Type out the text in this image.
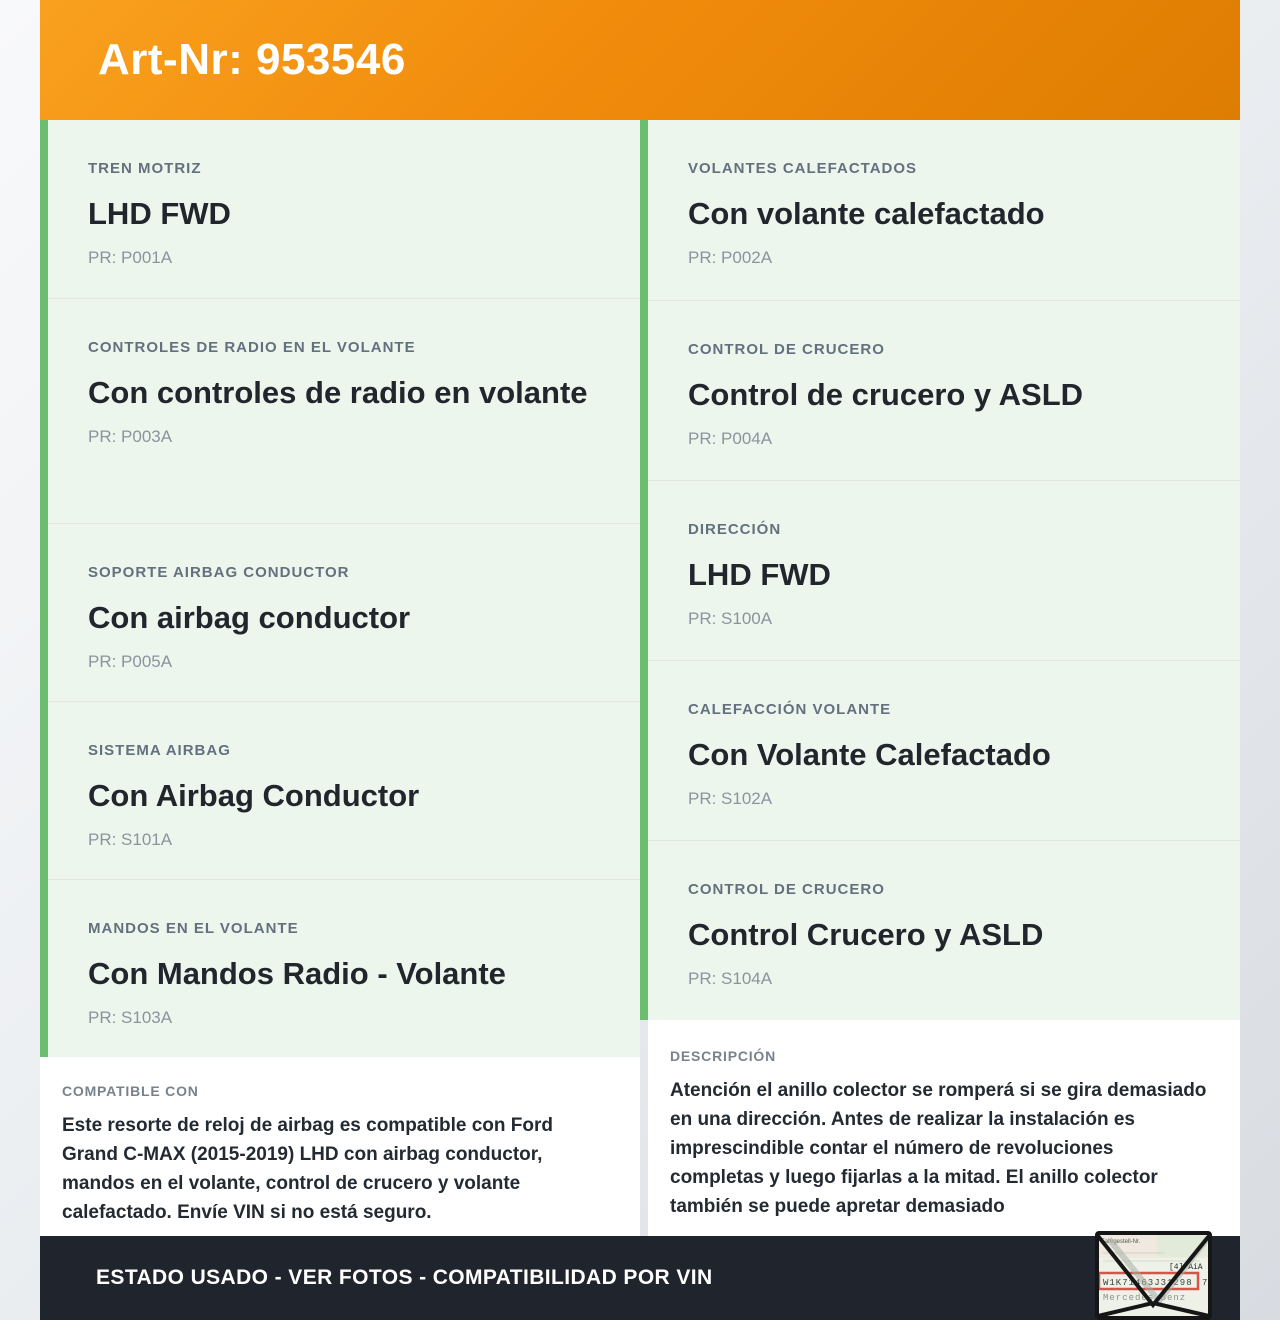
Art-Nr: 953546
TREN MOTRIZ
LHD FWD
PR: P001A
CONTROLES DE RADIO EN EL VOLANTE
Con controles de radio en volante
PR: P003A
SOPORTE AIRBAG CONDUCTOR
Con airbag conductor
PR: P005A
SISTEMA AIRBAG
Con Airbag Conductor
PR: S101A
MANDOS EN EL VOLANTE
Con Mandos Radio - Volante
PR: S103A
COMPATIBLE CON
Este resorte de reloj de airbag es compatible con Ford Grand C-MAX (2015-2019) LHD con airbag conductor, mandos en el volante, control de crucero y volante calefactado. Envíe VIN si no está seguro.
VOLANTES CALEFACTADOS
Con volante calefactado
PR: P002A
CONTROL DE CRUCERO
Control de crucero y ASLD
PR: P004A
DIRECCIÓN
LHD FWD
PR: S100A
CALEFACCIÓN VOLANTE
Con Volante Calefactado
PR: S102A
CONTROL DE CRUCERO
Control Crucero y ASLD
PR: S104A
DESCRIPCIÓN
Atención el anillo colector se romperá si se gira demasiado en una dirección. Antes de realizar la instalación es imprescindible contar el número de revoluciones completas y luego fijarlas a la mitad. El anillo colector también se puede apretar demasiado
ESTADO USADO - VER FOTOS - COMPATIBILIDAD POR VIN
Fahrgestell-Nr.
[4] AiA
W1K71463J31298 7
Mercedes-Benz
